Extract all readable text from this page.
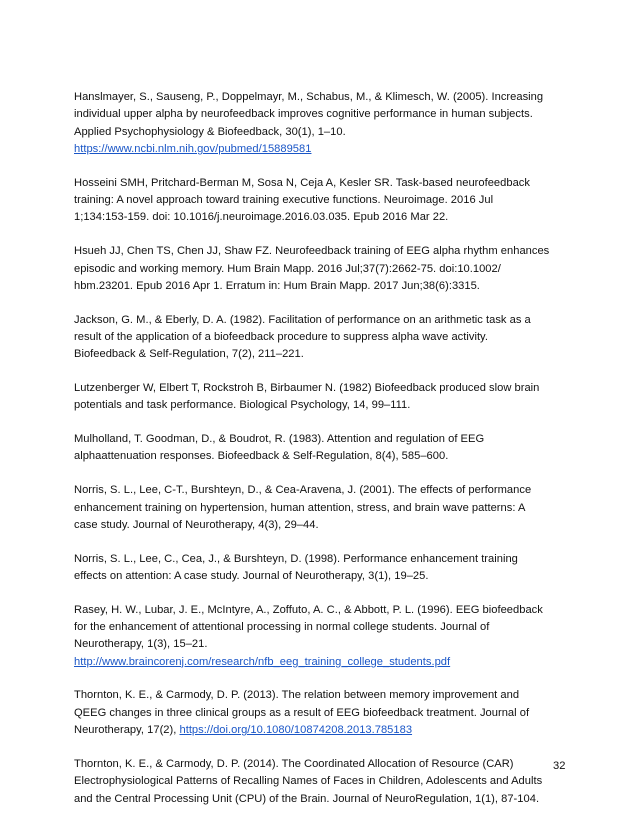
Hanslmayer, S., Sauseng, P., Doppelmayr, M., Schabus, M., & Klimesch, W. (2005). Increasing
individual upper alpha by neurofeedback improves cognitive performance in human subjects.
Applied Psychophysiology & Biofeedback, 30(1), 1–10.
https://www.ncbi.nlm.nih.gov/pubmed/15889581
Hosseini SMH, Pritchard-Berman M, Sosa N, Ceja A, Kesler SR. Task-based neurofeedback
training: A novel approach toward training executive functions. Neuroimage. 2016 Jul
1;134:153-159. doi: 10.1016/j.neuroimage.2016.03.035. Epub 2016 Mar 22.
Hsueh JJ, Chen TS, Chen JJ, Shaw FZ. Neurofeedback training of EEG alpha rhythm enhances
episodic and working memory. Hum Brain Mapp. 2016 Jul;37(7):2662-75. doi:10.1002/
hbm.23201. Epub 2016 Apr 1. Erratum in: Hum Brain Mapp. 2017 Jun;38(6):3315.
Jackson, G. M., & Eberly, D. A. (1982). Facilitation of performance on an arithmetic task as a
result of the application of a biofeedback procedure to suppress alpha wave activity.
Biofeedback & Self-Regulation, 7(2), 211–221.
Lutzenberger W, Elbert T, Rockstroh B, Birbaumer N. (1982) Biofeedback produced slow brain
potentials and task performance. Biological Psychology, 14, 99–111.
Mulholland, T. Goodman, D., & Boudrot, R. (1983). Attention and regulation of EEG
alphaattenuation responses. Biofeedback & Self-Regulation, 8(4), 585–600.
Norris, S. L., Lee, C-T., Burshteyn, D., & Cea-Aravena, J. (2001). The effects of performance
enhancement training on hypertension, human attention, stress, and brain wave patterns: A
case study. Journal of Neurotherapy, 4(3), 29–44.
Norris, S. L., Lee, C., Cea, J., & Burshteyn, D. (1998). Performance enhancement training
effects on attention: A case study. Journal of Neurotherapy, 3(1), 19–25.
Rasey, H. W., Lubar, J. E., McIntyre, A., Zoffuto, A. C., & Abbott, P. L. (1996). EEG biofeedback
for the enhancement of attentional processing in normal college students. Journal of
Neurotherapy, 1(3), 15–21.
http://www.braincorenj.com/research/nfb_eeg_training_college_students.pdf
Thornton, K. E., & Carmody, D. P. (2013). The relation between memory improvement and
QEEG changes in three clinical groups as a result of EEG biofeedback treatment. Journal of
Neurotherapy, 17(2), https://doi.org/10.1080/10874208.2013.785183
Thornton, K. E., & Carmody, D. P. (2014). The Coordinated Allocation of Resource (CAR)
Electrophysiological Patterns of Recalling Names of Faces in Children, Adolescents and Adults
and the Central Processing Unit (CPU) of the Brain. Journal of NeuroRegulation, 1(1), 87-104.
32
